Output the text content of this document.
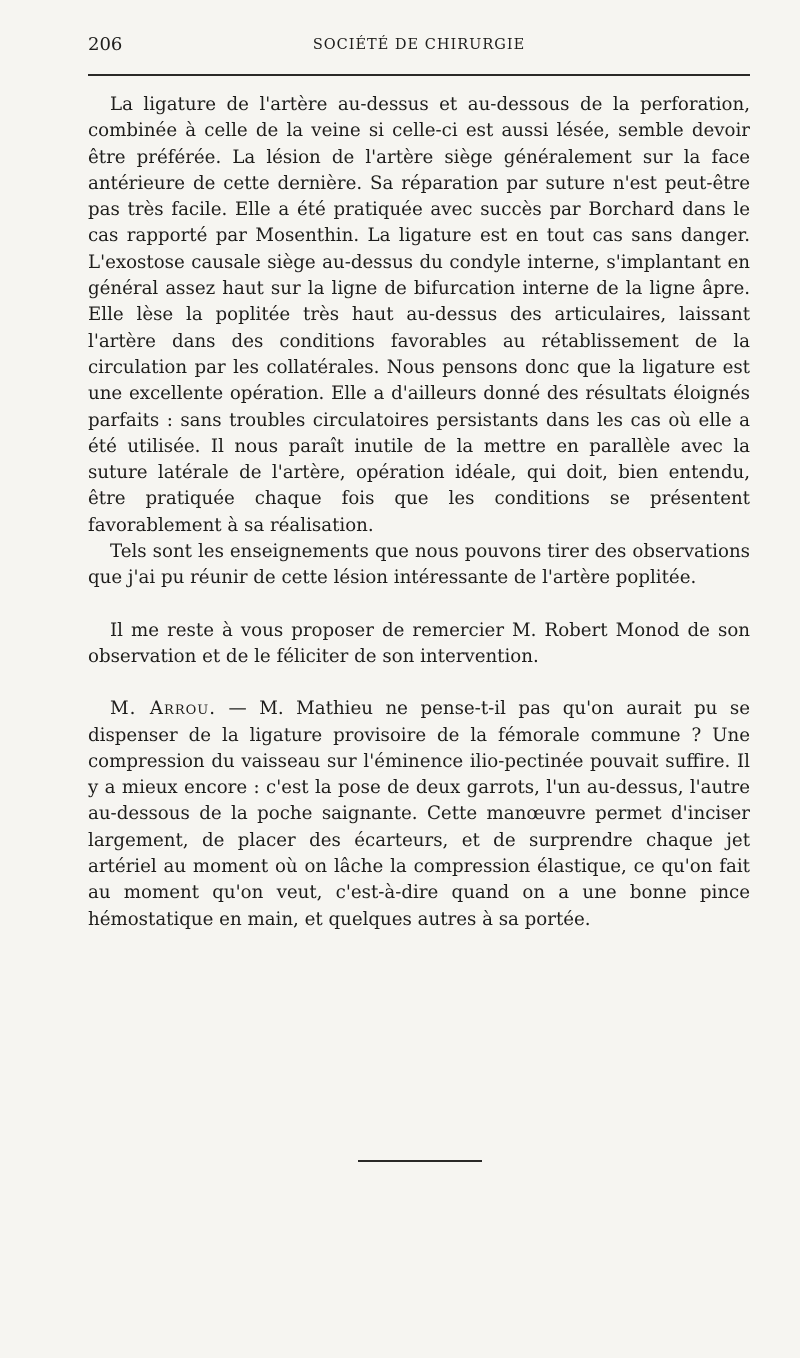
206	SOCIÉTÉ DE CHIRURGIE

La ligature de l'artère au-dessus et au-dessous de la perforation, combinée à celle de la veine si celle-ci est aussi lésée, semble devoir être préférée. La lésion de l'artère siège généralement sur la face antérieure de cette dernière. Sa réparation par suture n'est peut-être pas très facile. Elle a été pratiquée avec succès par Borchard dans le cas rapporté par Mosenthin. La ligature est en tout cas sans danger. L'exostose causale siège au-dessus du condyle interne, s'implantant en général assez haut sur la ligne de bifurcation interne de la ligne âpre. Elle lèse la poplitée très haut au-dessus des articulaires, laissant l'artère dans des conditions favorables au rétablissement de la circulation par les collatérales. Nous pensons donc que la ligature est une excellente opération. Elle a d'ailleurs donné des résultats éloignés parfaits : sans troubles circulatoires persistants dans les cas où elle a été utilisée. Il nous paraît inutile de la mettre en parallèle avec la suture latérale de l'artère, opération idéale, qui doit, bien entendu, être pratiquée chaque fois que les conditions se présentent favorablement à sa réalisation.

Tels sont les enseignements que nous pouvons tirer des observations que j'ai pu réunir de cette lésion intéressante de l'artère poplitée.

Il me reste à vous proposer de remercier M. Robert Monod de son observation et de le féliciter de son intervention.

M. Arrou. — M. Mathieu ne pense-t-il pas qu'on aurait pu se dispenser de la ligature provisoire de la fémorale commune ? Une compression du vaisseau sur l'éminence ilio-pectinée pouvait suffire. Il y a mieux encore : c'est la pose de deux garrots, l'un au-dessus, l'autre au-dessous de la poche saignante. Cette manœuvre permet d'inciser largement, de placer des écarteurs, et de surprendre chaque jet artériel au moment où on lâche la compression élastique, ce qu'on fait au moment qu'on veut, c'est-à-dire quand on a une bonne pince hémostatique en main, et quelques autres à sa portée.
